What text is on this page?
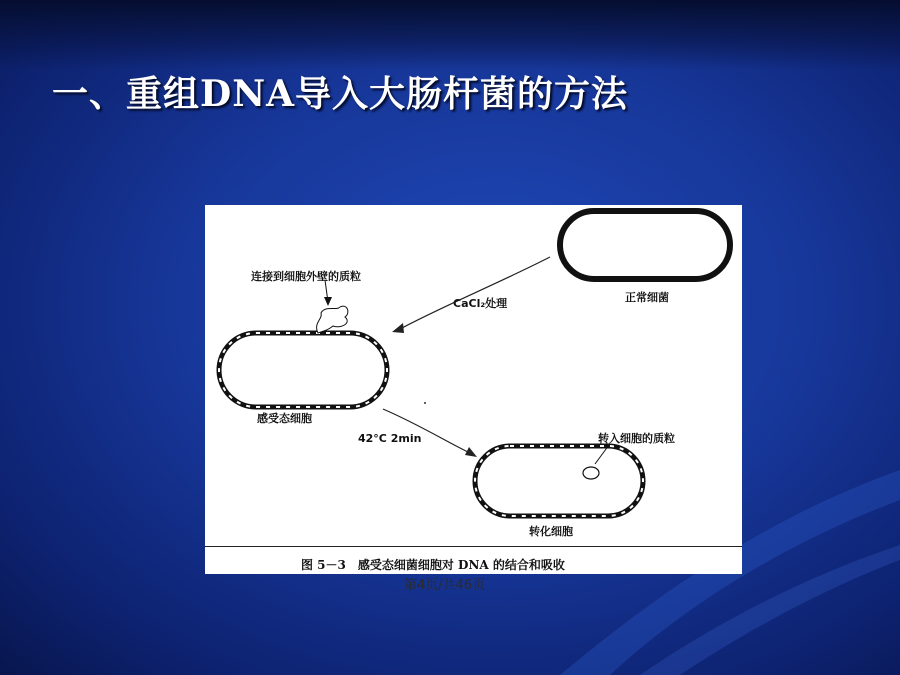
一、重组DNA导入大肠杆菌的方法
正常细菌
CaCl₂处理
连接到细胞外壁的质粒
感受态细胞
42°C 2min	转入细胞的质粒
转化细胞
图 5－3　感受态细菌细胞对 DNA 的结合和吸收
第4页/共46页
